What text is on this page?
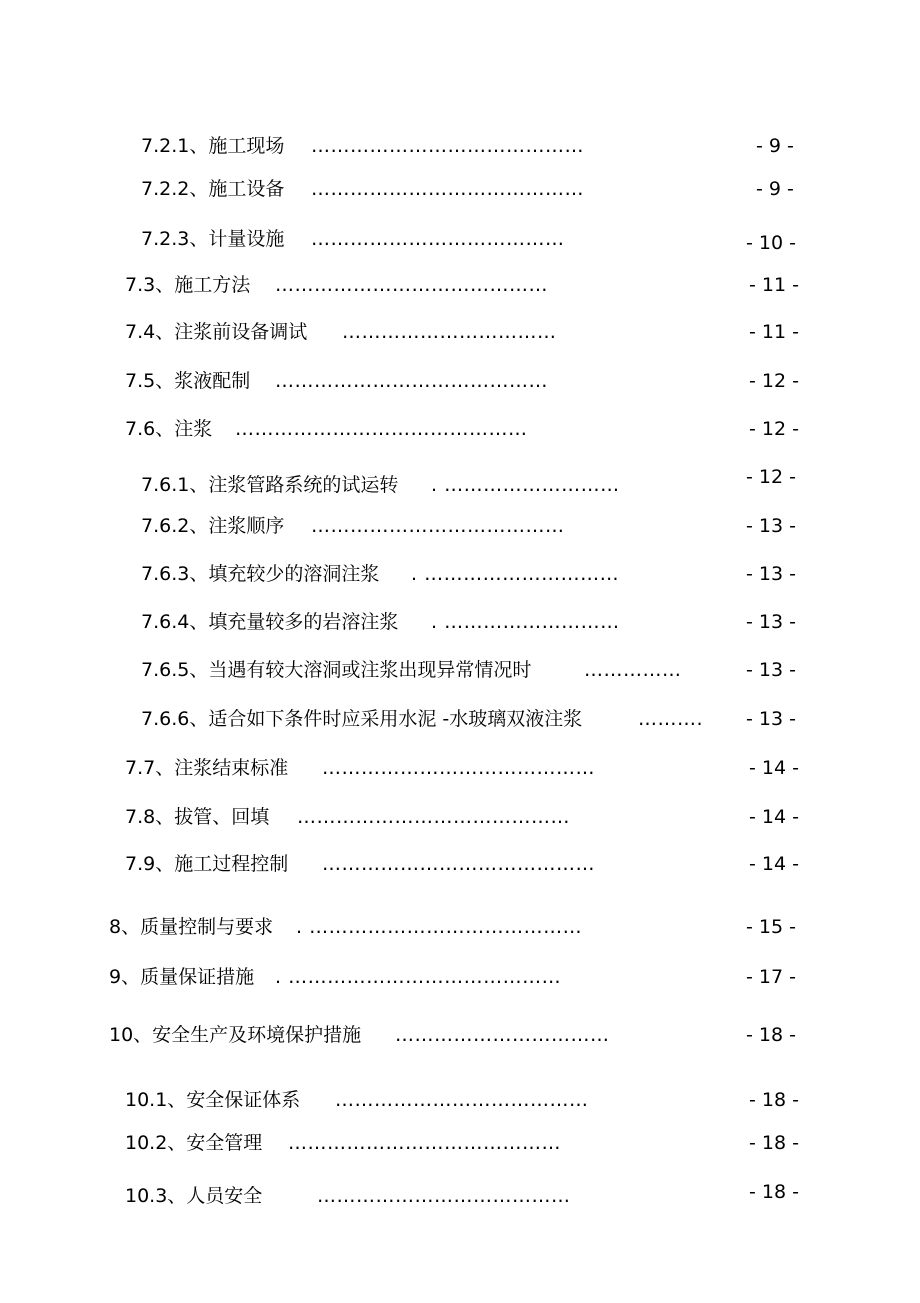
7.2.1、施工现场 ……………………………………	- 9 -
7.2.2、施工设备 ……………………………………	- 9 -
7.2.3、计量设施 …………………………………	- 10 -
7.3、施工方法 ……………………………………	- 11 -
7.4、注浆前设备调试 ……………………………	- 11 -
7.5、浆液配制 ……………………………………	- 12 -
7.6、注浆 ………………………………………	- 12 -
7.6.1、注浆管路系统的试运转 . ………………………	- 12 -
7.6.2、注浆顺序 …………………………………	- 13 -
7.6.3、填充较少的溶洞注浆 . …………………………	- 13 -
7.6.4、填充量较多的岩溶注浆 . ………………………	- 13 -
7.6.5、当遇有较大溶洞或注浆出现异常情况时	……………	- 13 -
7.6.6、适合如下条件时应采用水泥 -水玻璃双液注浆	………. - 13 -
7.7、注浆结束标准 ……………………………………	- 14 -
7.8、拔管、回填 ……………………………………	- 14 -
7.9、施工过程控制 ……………………………………	- 14 -
8、质量控制与要求 . ……………………………………	- 15 -
9、质量保证措施 . ……………………………………	- 17 -
10、安全生产及环境保护措施 ……………………………	- 18 -
10.1、安全保证体系 …………………………………	- 18 -
10.2、安全管理 ……………………………………	- 18 -
10.3、人员安全	…………………………………	- 18 -
